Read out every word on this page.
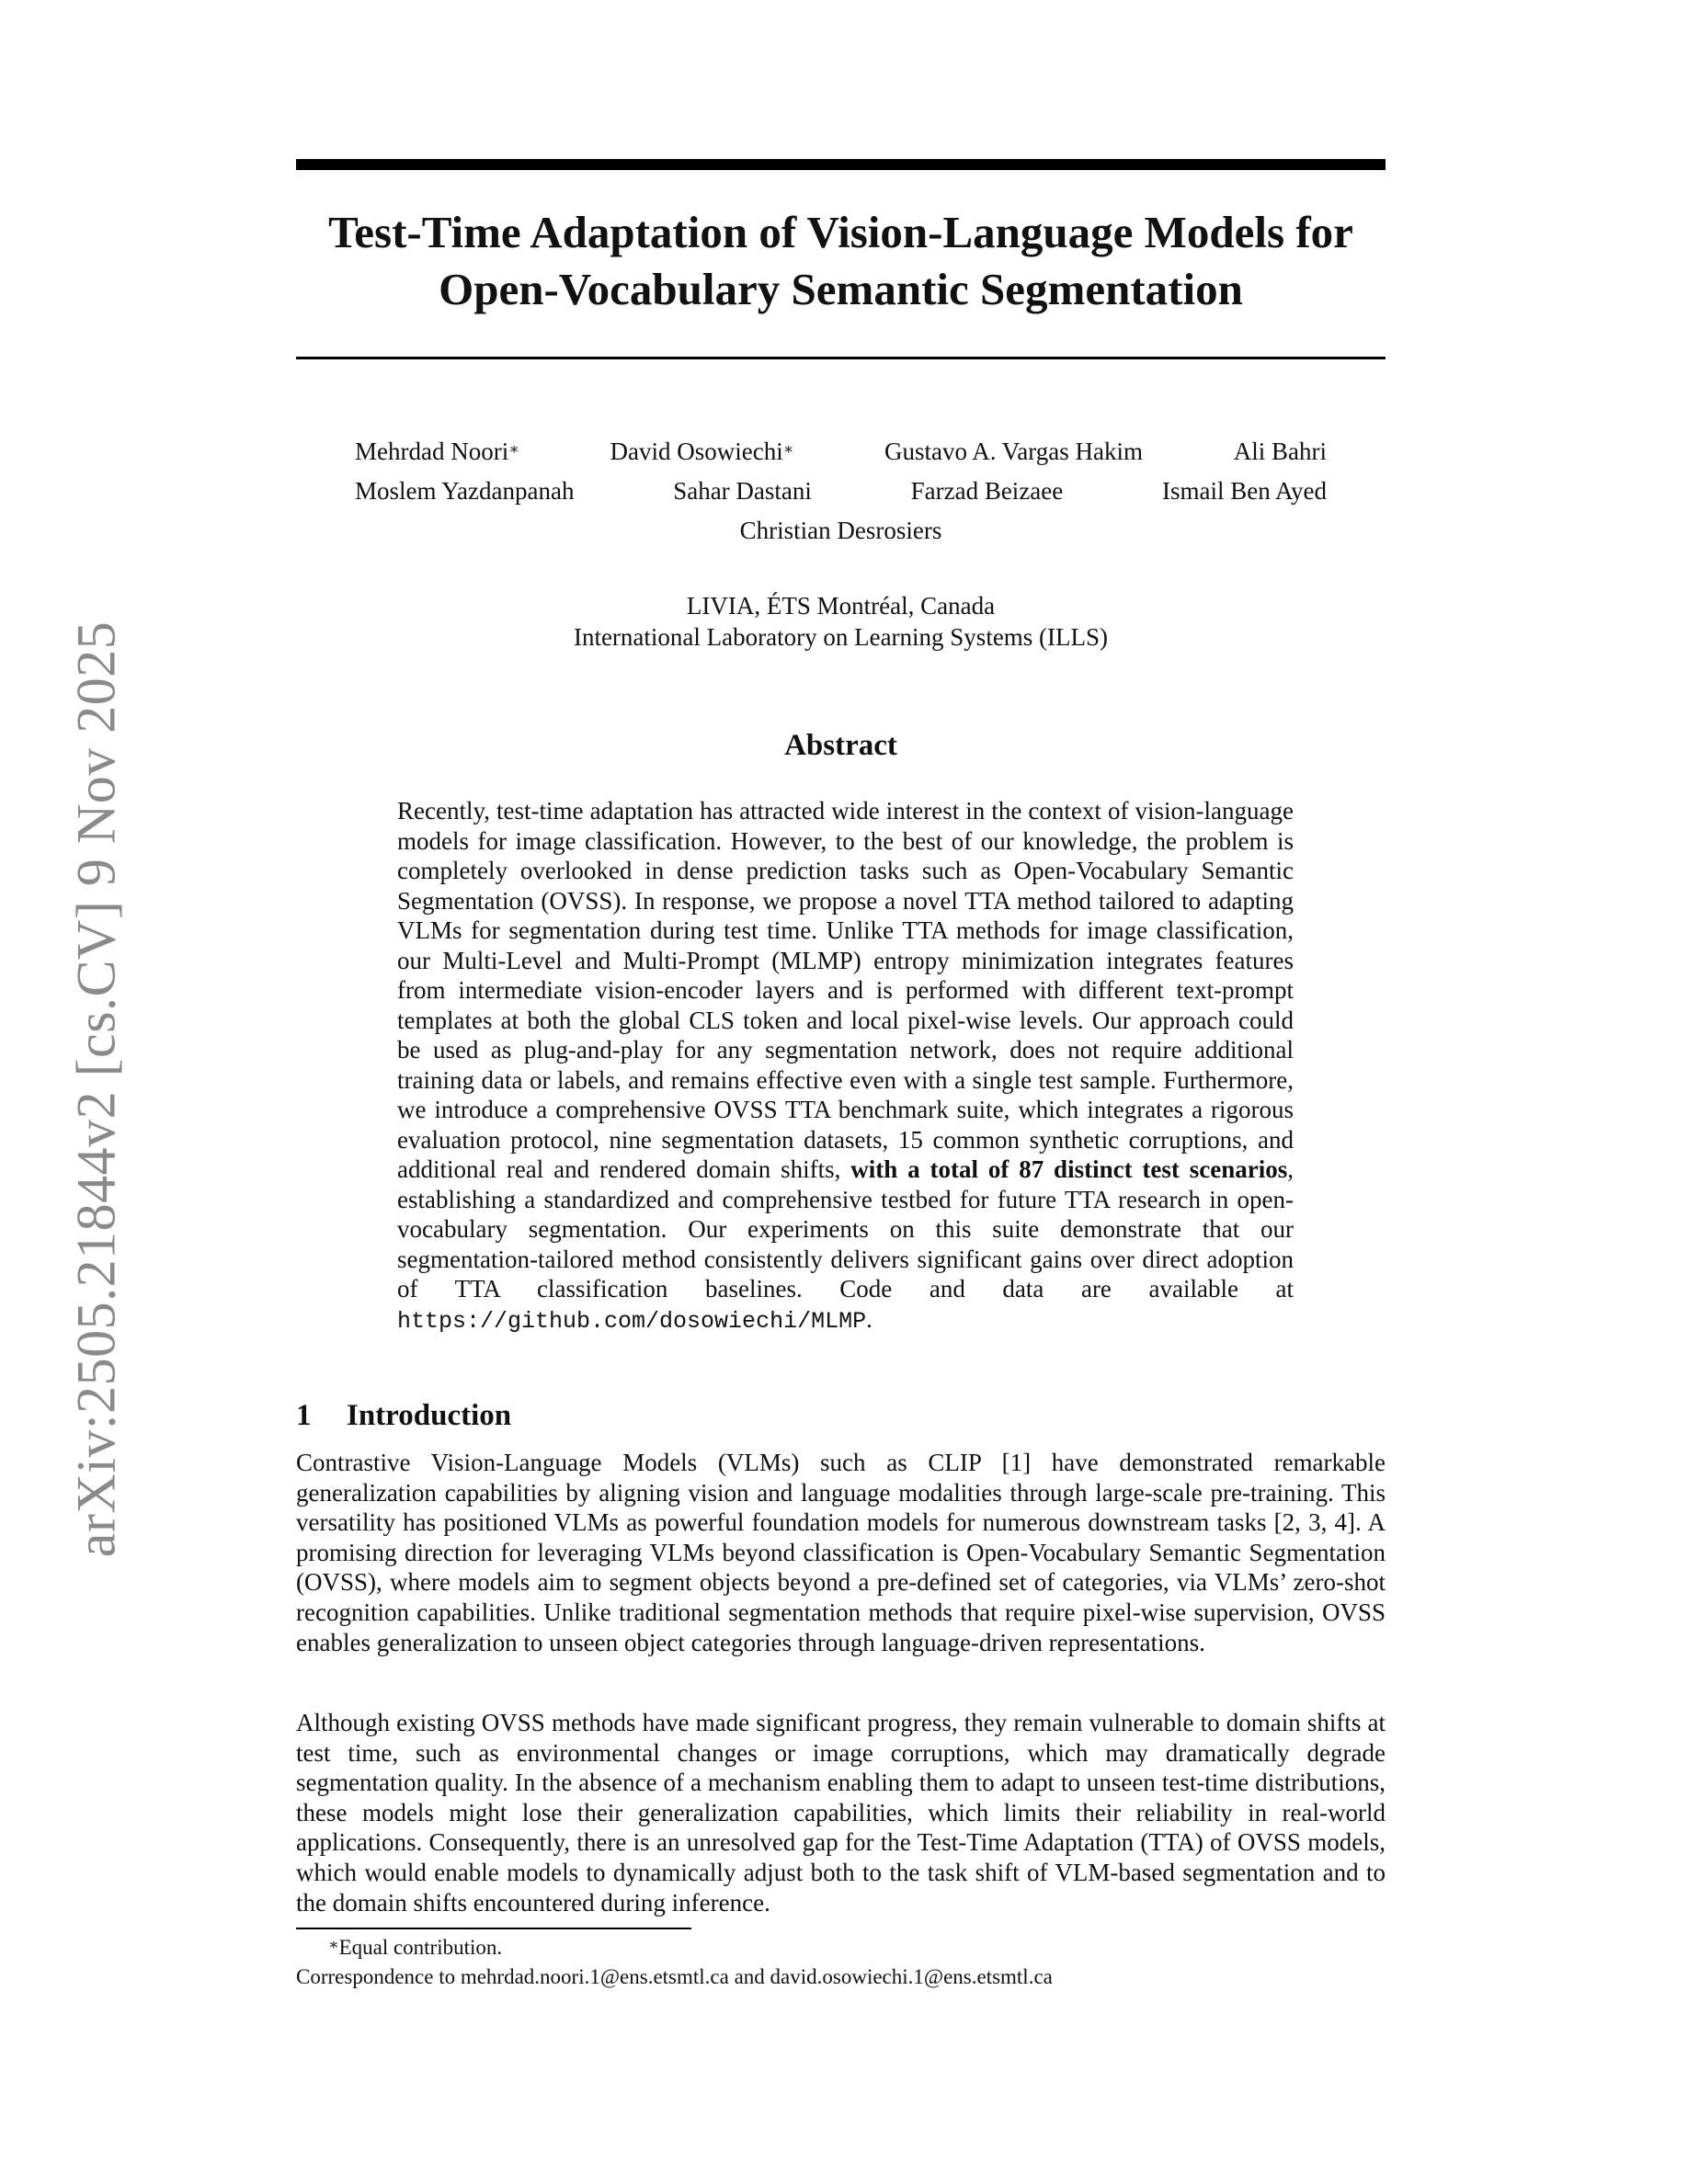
arXiv:2505.21844v2 [cs.CV] 9 Nov 2025
Test-Time Adaptation of Vision-Language Models for
Open-Vocabulary Semantic Segmentation
Mehrdad Noori∗	David Osowiechi∗	Gustavo A. Vargas Hakim	Ali Bahri
Moslem Yazdanpanah	Sahar Dastani	Farzad Beizaee	Ismail Ben Ayed
Christian Desrosiers
LIVIA, ÉTS Montréal, Canada
International Laboratory on Learning Systems (ILLS)
Abstract
Recently, test-time adaptation has attracted wide interest in the context of vision-language models for image classification. However, to the best of our knowledge, the problem is completely overlooked in dense prediction tasks such as Open-Vocabulary Semantic Segmentation (OVSS). In response, we propose a novel TTA method tailored to adapting VLMs for segmentation during test time. Unlike TTA methods for image classification, our Multi-Level and Multi-Prompt (MLMP) entropy minimization integrates features from intermediate vision-encoder layers and is performed with different text-prompt templates at both the global CLS token and local pixel-wise levels. Our approach could be used as plug-and-play for any segmentation network, does not require additional training data or labels, and remains effective even with a single test sample. Furthermore, we introduce a comprehensive OVSS TTA benchmark suite, which integrates a rigorous evaluation protocol, nine segmentation datasets, 15 common synthetic corruptions, and additional real and rendered domain shifts, with a total of 87 distinct test scenarios, establishing a standardized and comprehensive testbed for future TTA research in open-vocabulary segmentation. Our experiments on this suite demonstrate that our segmentation-tailored method consistently delivers significant gains over direct adoption of TTA classification baselines. Code and data are available at https://github.com/dosowiechi/MLMP.
1 Introduction
Contrastive Vision-Language Models (VLMs) such as CLIP [1] have demonstrated remarkable generalization capabilities by aligning vision and language modalities through large-scale pre-training. This versatility has positioned VLMs as powerful foundation models for numerous downstream tasks [2, 3, 4]. A promising direction for leveraging VLMs beyond classification is Open-Vocabulary Semantic Segmentation (OVSS), where models aim to segment objects beyond a pre-defined set of categories, via VLMs’ zero-shot recognition capabilities. Unlike traditional segmentation methods that require pixel-wise supervision, OVSS enables generalization to unseen object categories through language-driven representations.
Although existing OVSS methods have made significant progress, they remain vulnerable to domain shifts at test time, such as environmental changes or image corruptions, which may dramatically degrade segmentation quality. In the absence of a mechanism enabling them to adapt to unseen test-time distributions, these models might lose their generalization capabilities, which limits their reliability in real-world applications. Consequently, there is an unresolved gap for the Test-Time Adaptation (TTA) of OVSS models, which would enable models to dynamically adjust both to the task shift of VLM-based segmentation and to the domain shifts encountered during inference.
∗Equal contribution.
Correspondence to mehrdad.noori.1@ens.etsmtl.ca and david.osowiechi.1@ens.etsmtl.ca
